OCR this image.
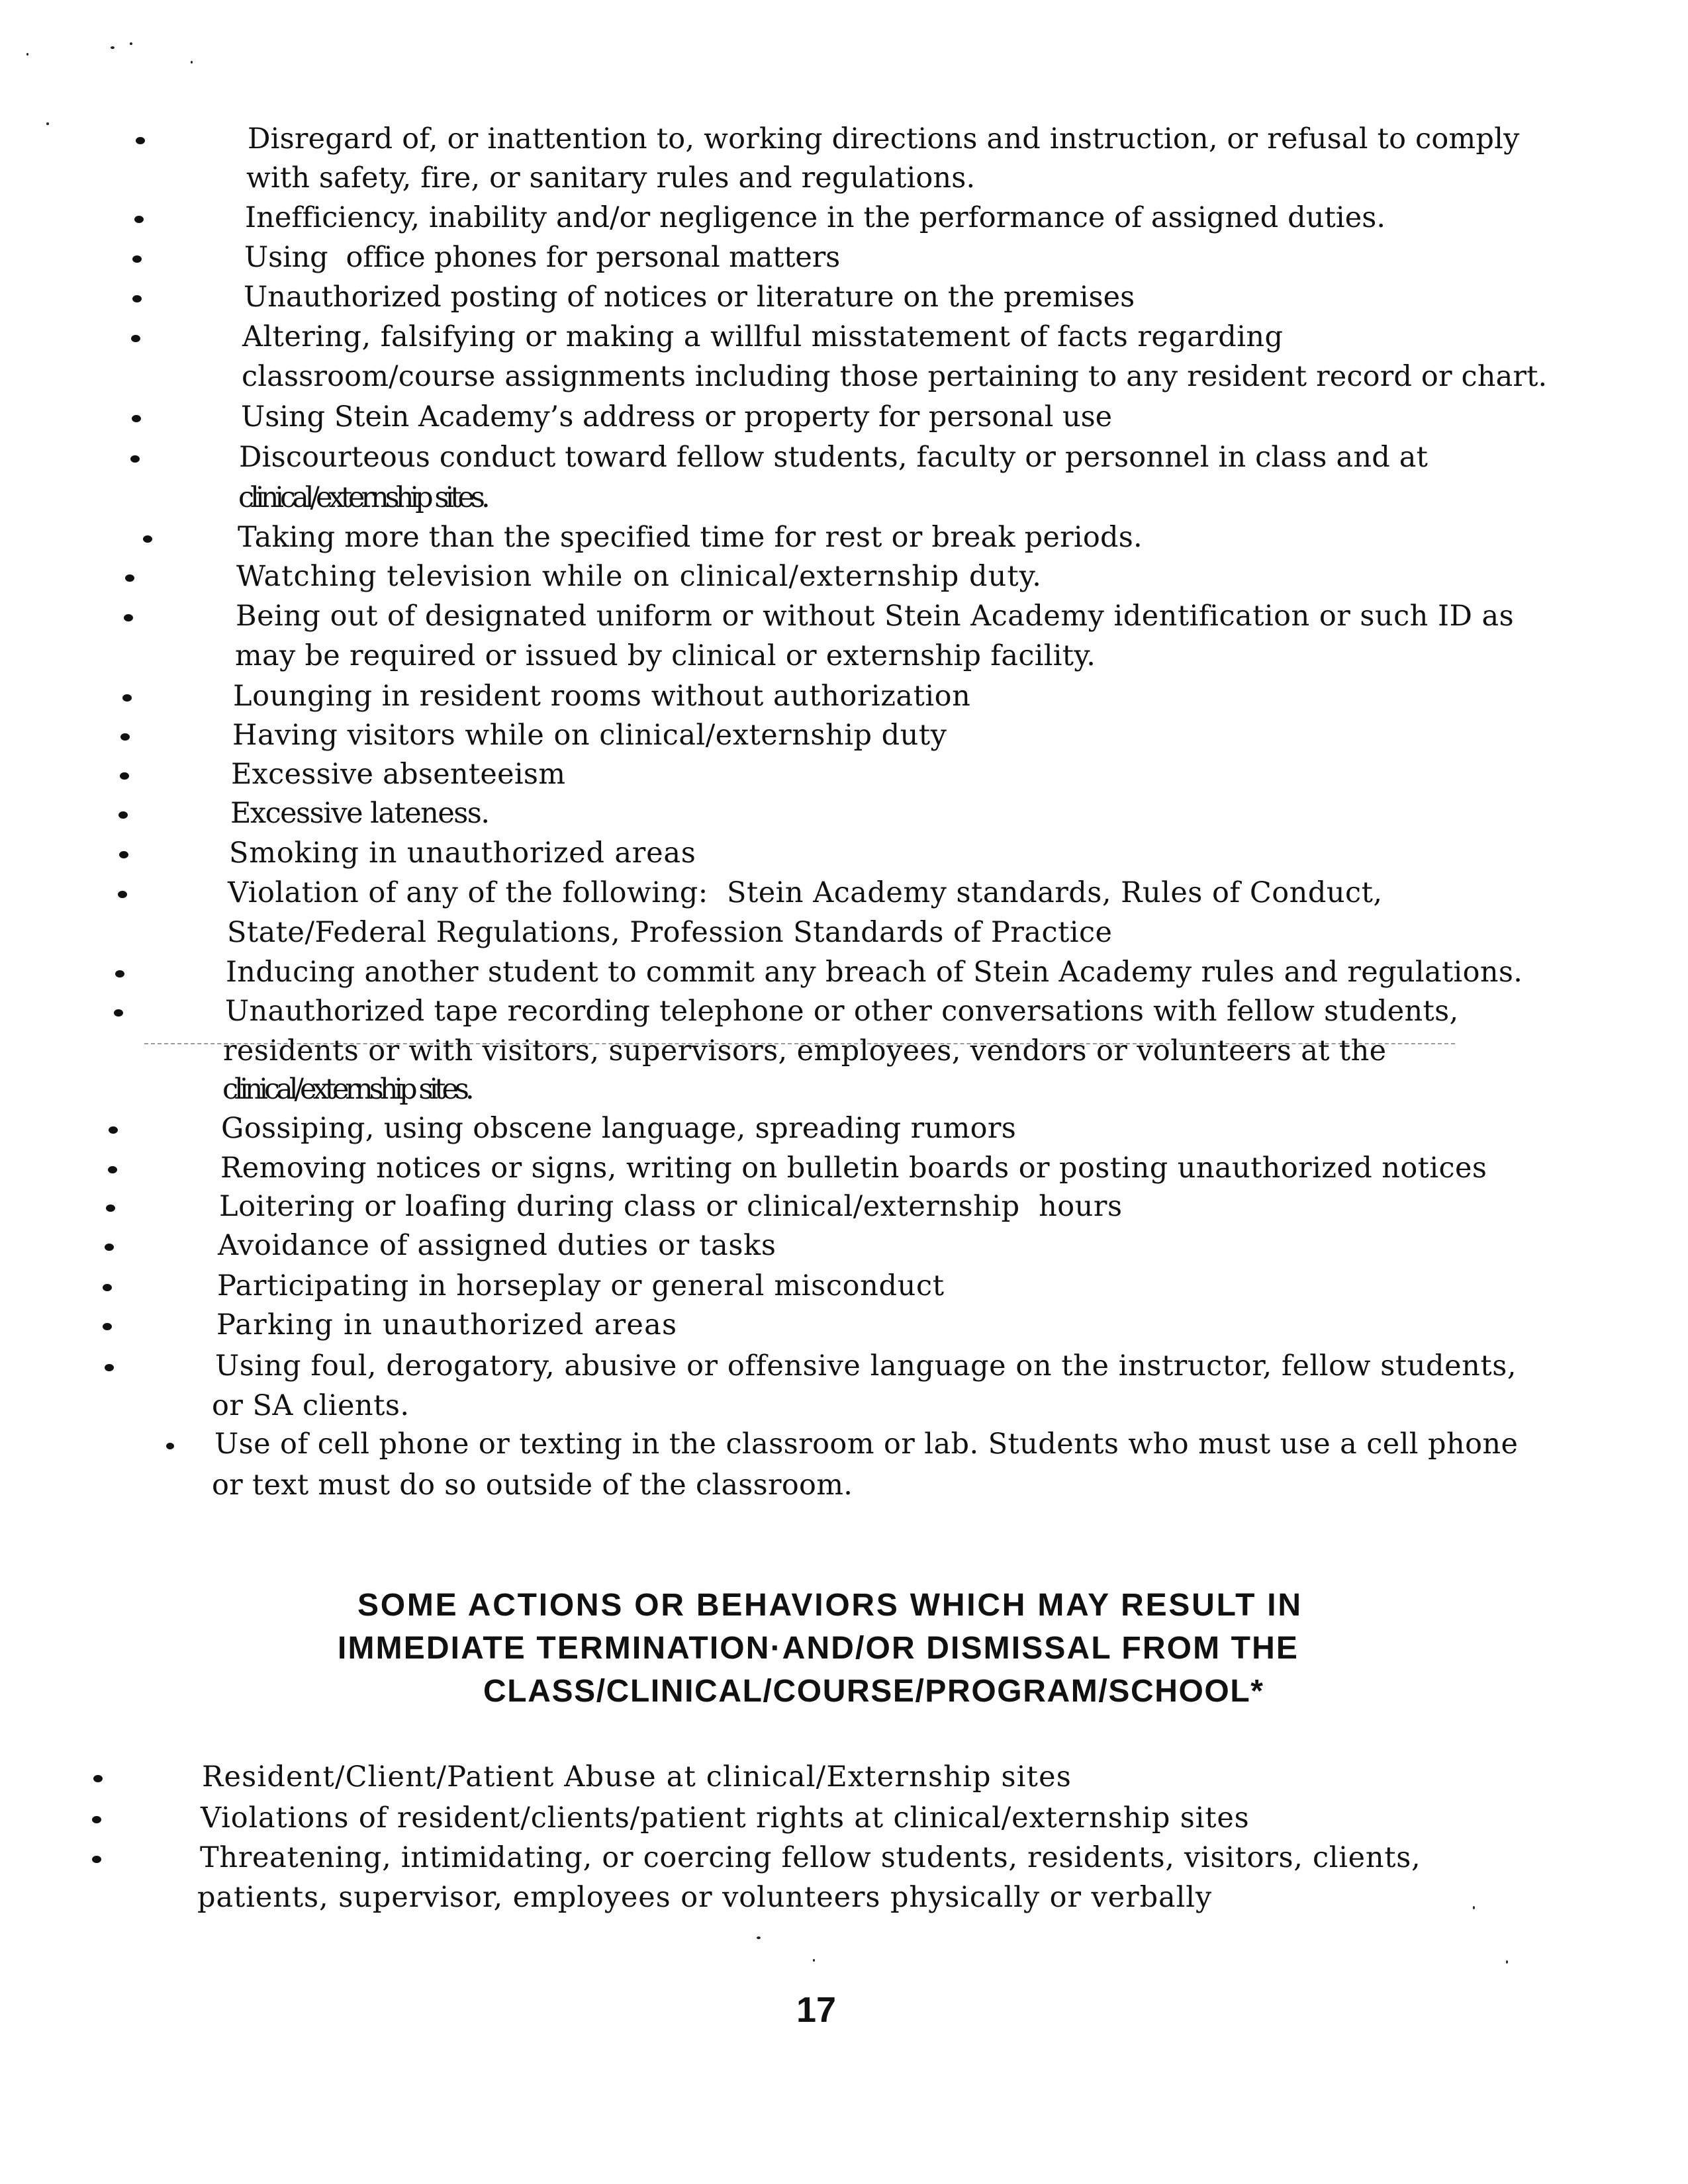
Disregard of, or inattention to, working directions and instruction, or refusal to comply
with safety, fire, or sanitary rules and regulations.
Inefficiency, inability and/or negligence in the performance of assigned duties.
Using  office phones for personal matters
Unauthorized posting of notices or literature on the premises
Altering, falsifying or making a willful misstatement of facts regarding
classroom/course assignments including those pertaining to any resident record or chart.
Using Stein Academy’s address or property for personal use
Discourteous conduct toward fellow students, faculty or personnel in class and at
clinical/externship sites.
Taking more than the specified time for rest or break periods.
Watching television while on clinical/externship duty.
Being out of designated uniform or without Stein Academy identification or such ID as
may be required or issued by clinical or externship facility.
Lounging in resident rooms without authorization
Having visitors while on clinical/externship duty
Excessive absenteeism
Excessive lateness.
Smoking in unauthorized areas
Violation of any of the following:  Stein Academy standards, Rules of Conduct,
State/Federal Regulations, Profession Standards of Practice
Inducing another student to commit any breach of Stein Academy rules and regulations.
Unauthorized tape recording telephone or other conversations with fellow students,
residents or with visitors, supervisors, employees, vendors or volunteers at the
clinical/externship sites.
Gossiping, using obscene language, spreading rumors
Removing notices or signs, writing on bulletin boards or posting unauthorized notices
Loitering or loafing during class or clinical/externship  hours
Avoidance of assigned duties or tasks
Participating in horseplay or general misconduct
Parking in unauthorized areas
Using foul, derogatory, abusive or offensive language on the instructor, fellow students,
or SA clients.
Use of cell phone or texting in the classroom or lab. Students who must use a cell phone
or text must do so outside of the classroom.
SOME ACTIONS OR BEHAVIORS WHICH MAY RESULT IN
IMMEDIATE TERMINATION·AND/OR DISMISSAL FROM THE
CLASS/CLINICAL/COURSE/PROGRAM/SCHOOL*
Resident/Client/Patient Abuse at clinical/Externship sites
Violations of resident/clients/patient rights at clinical/externship sites
Threatening, intimidating, or coercing fellow students, residents, visitors, clients,
patients, supervisor, employees or volunteers physically or verbally
17
